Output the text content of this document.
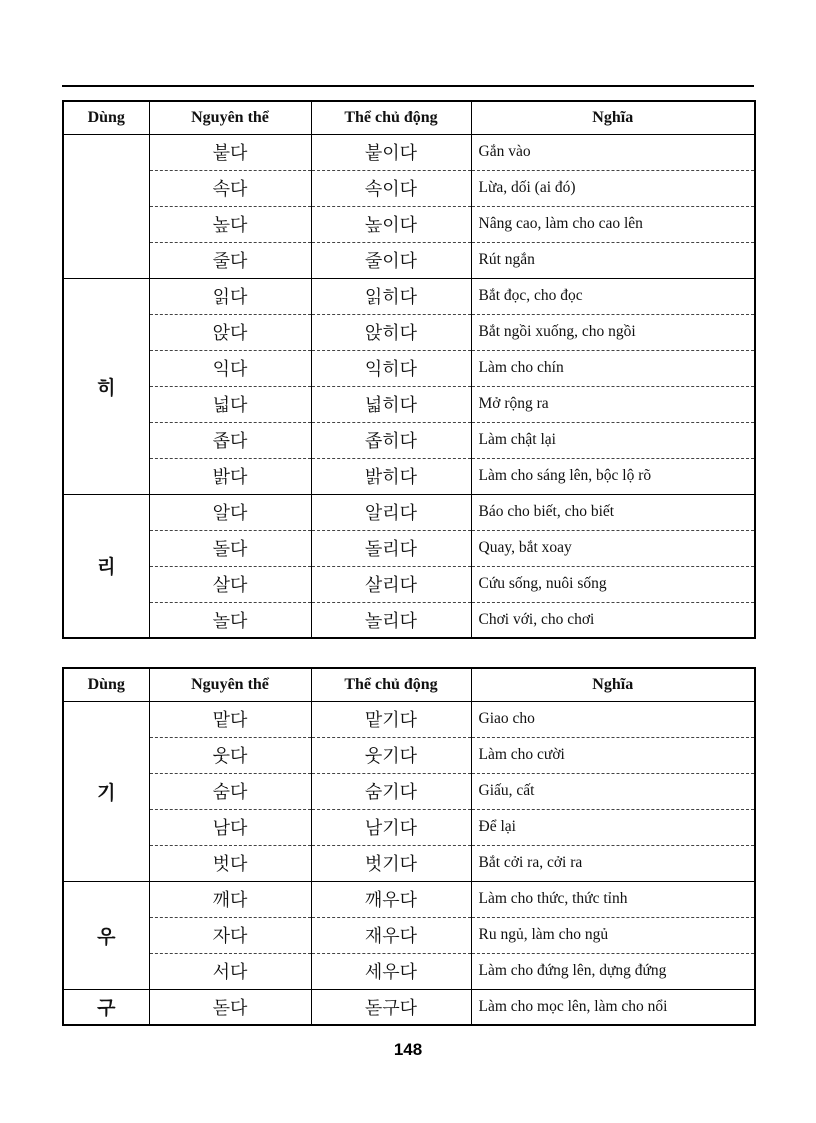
Dùng	Nguyên thể	Thể chủ động	Nghĩa
	붙다	붙이다	Gắn vào
	속다	속이다	Lừa, dối (ai đó)
	높다	높이다	Nâng cao, làm cho cao lên
	줄다	줄이다	Rút ngắn
히	읽다	읽히다	Bắt đọc, cho đọc
	앉다	앉히다	Bắt ngồi xuống, cho ngồi
	익다	익히다	Làm cho chín
	넓다	넓히다	Mở rộng ra
	좁다	좁히다	Làm chật lại
	밝다	밝히다	Làm cho sáng lên, bộc lộ rõ
리	알다	알리다	Báo cho biết, cho biết
	돌다	돌리다	Quay, bắt xoay
	살다	살리다	Cứu sống, nuôi sống
	놀다	놀리다	Chơi với, cho chơi
Dùng	Nguyên thể	Thể chủ động	Nghĩa
기	맡다	맡기다	Giao cho
	웃다	웃기다	Làm cho cười
	숨다	숨기다	Giấu, cất
	남다	남기다	Để lại
	벗다	벗기다	Bắt cởi ra, cởi ra
우	깨다	깨우다	Làm cho thức, thức tỉnh
	자다	재우다	Ru ngủ, làm cho ngủ
	서다	세우다	Làm cho đứng lên, dựng đứng
구	돋다	돋구다	Làm cho mọc lên, làm cho nổi
148
